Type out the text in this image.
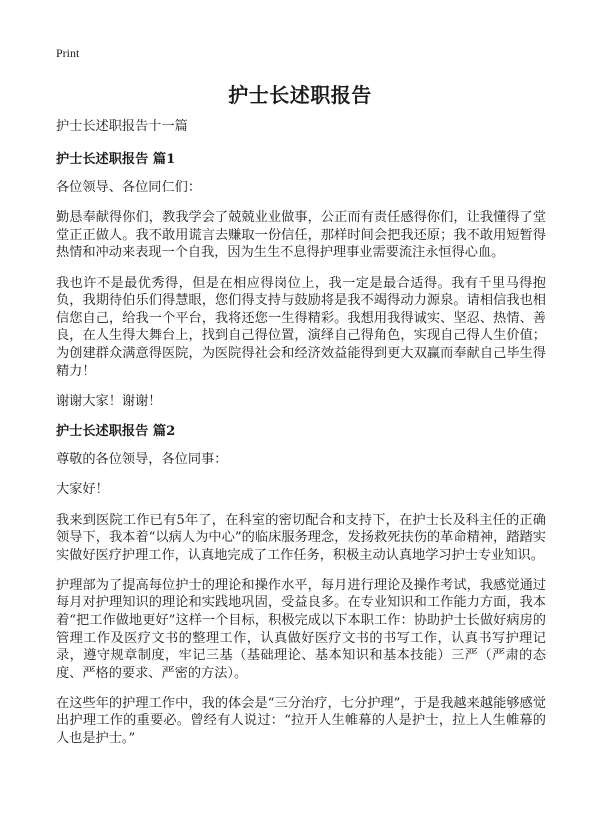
Print
护士长述职报告

护士长述职报告十一篇

护士长述职报告 篇1

各位领导、各位同仁们：

勤恳奉献得你们，教我学会了兢兢业业做事，公正而有责任感得你们，让我懂得了堂堂正正做人。我不敢用谎言去赚取一份信任，那样时间会把我还原；我不敢用短暂得热情和冲动来表现一个自我，因为生生不息得护理事业需要流注永恒得心血。

我也许不是最优秀得，但是在相应得岗位上，我一定是最合适得。我有千里马得抱负，我期待伯乐们得慧眼，您们得支持与鼓励将是我不竭得动力源泉。请相信我也相信您自己，给我一个平台，我将还您一生得精彩。我想用我得诚实、坚忍、热情、善良，在人生得大舞台上，找到自己得位置，演绎自己得角色，实现自己得人生价值；为创建群众满意得医院，为医院得社会和经济效益能得到更大双赢而奉献自己毕生得精力！

谢谢大家！谢谢！

护士长述职报告 篇2

尊敬的各位领导，各位同事：

大家好！

我来到医院工作已有5年了，在科室的密切配合和支持下，在护士长及科主任的正确领导下，我本着“以病人为中心”的临床服务理念，发扬救死扶伤的革命精神，踏踏实实做好医疗护理工作，认真地完成了工作任务，积极主动认真地学习护士专业知识。

护理部为了提高每位护士的理论和操作水平，每月进行理论及操作考试，我感觉通过每月对护理知识的理论和实践地巩固，受益良多。在专业知识和工作能力方面，我本着“把工作做地更好”这样一个目标，积极完成以下本职工作：协助护士长做好病房的管理工作及医疗文书的整理工作，认真做好医疗文书的书写工作，认真书写护理记录，遵守规章制度，牢记三基（基础理论、基本知识和基本技能）三严（严肃的态度、严格的要求、严密的方法）。

在这些年的护理工作中，我的体会是“三分治疗，七分护理”，于是我越来越能够感觉出护理工作的重要必。曾经有人说过：“拉开人生帷幕的人是护士，拉上人生帷幕的人也是护士。”
